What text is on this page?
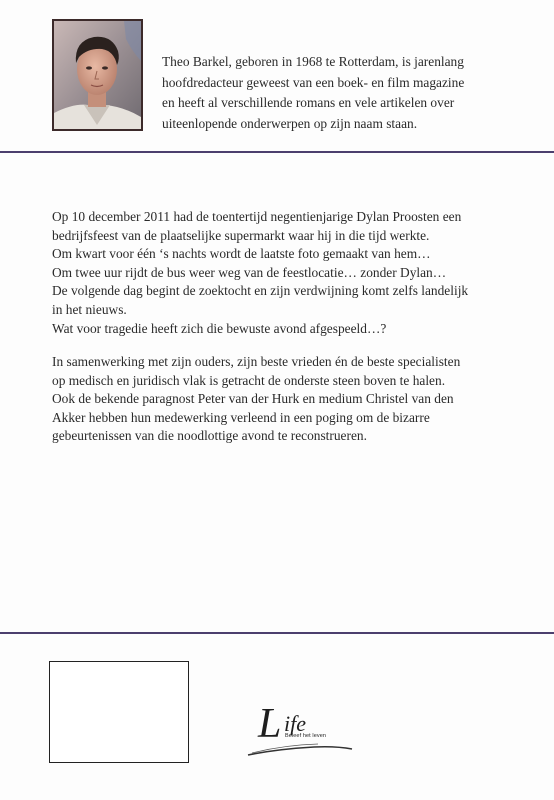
Theo Barkel, geboren in 1968 te Rotterdam, is jarenlang
hoofdredacteur geweest van een boek- en film magazine
en heeft al verschillende romans en vele artikelen over
uiteenlopende onderwerpen op zijn naam staan.

Op 10 december 2011 had de toentertijd negentienjarige Dylan Proosten een
bedrijfsfeest van de plaatselijke supermarkt waar hij in die tijd werkte.
Om kwart voor één ‘s nachts wordt de laatste foto gemaakt van hem…
Om twee uur rijdt de bus weer weg van de feestlocatie… zonder Dylan…
De volgende dag begint de zoektocht en zijn verdwijning komt zelfs landelijk
in het nieuws.
Wat voor tragedie heeft zich die bewuste avond afgespeeld…?

In samenwerking met zijn ouders, zijn beste vrieden én de beste specialisten
op medisch en juridisch vlak is getracht de onderste steen boven te halen.
Ook de bekende paragnost Peter van der Hurk en medium Christel van den
Akker hebben hun medewerking verleend in een poging om de bizarre
gebeurtenissen van die noodlottige avond te reconstrueren.

L ife
Beleef het leven
